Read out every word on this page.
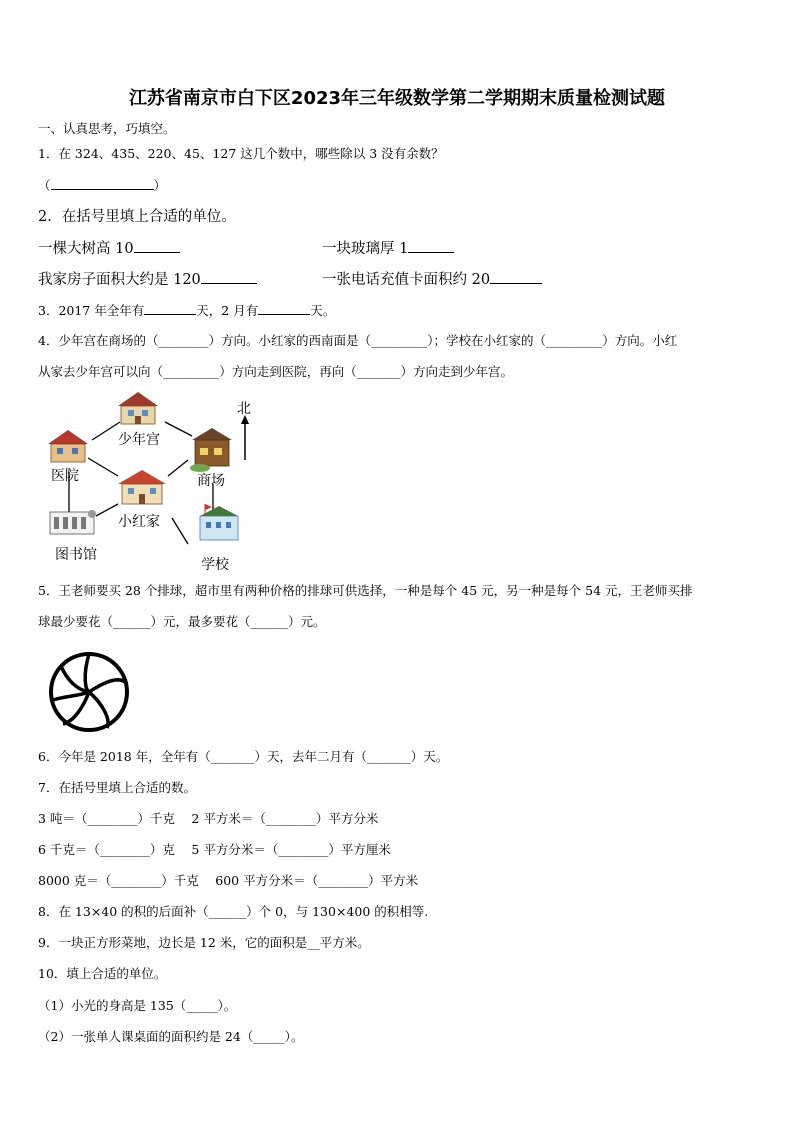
江苏省南京市白下区2023年三年级数学第二学期期末质量检测试题
一、认真思考，巧填空。
1．在 324、435、220、45、127 这几个数中，哪些除以 3 没有余数？
（	）
2．在括号里填上合适的单位。
一棵大树高 10	一块玻璃厚 1
我家房子面积大约是 120	一张电话充值卡面积约 20
3．2017 年全年有	天，2 月有	天。
4．少年宫在商场的（________）方向。小红家的西南面是（_________）；学校在小红家的（_________）方向。小红
从家去少年宫可以向（_________）方向走到医院，再向（_______）方向走到少年宫。
北
少年宫
医院	商场
小红家
图书馆
学校
5．王老师要买 28 个排球，超市里有两种价格的排球可供选择，一种是每个 45 元，另一种是每个 54 元，王老师买排
球最少要花（______）元，最多要花（______）元。
6．今年是 2018 年，全年有（_______）天，去年二月有（_______）天。
7．在括号里填上合适的数。
3 吨＝（________）千克　 2 平方米＝（________）平方分米
6 千克＝（________）克　 5 平方分米＝（________）平方厘米
8000 克＝（________）千克　 600 平方分米＝（________）平方米
8．在 13×40 的积的后面补（______）个 0，与 130×400 的积相等.
9．一块正方形菜地，边长是 12 米，它的面积是__平方米。
10．填上合适的单位。
（1）小光的身高是 135（_____）。
（2）一张单人课桌面的面积约是 24（_____）。
